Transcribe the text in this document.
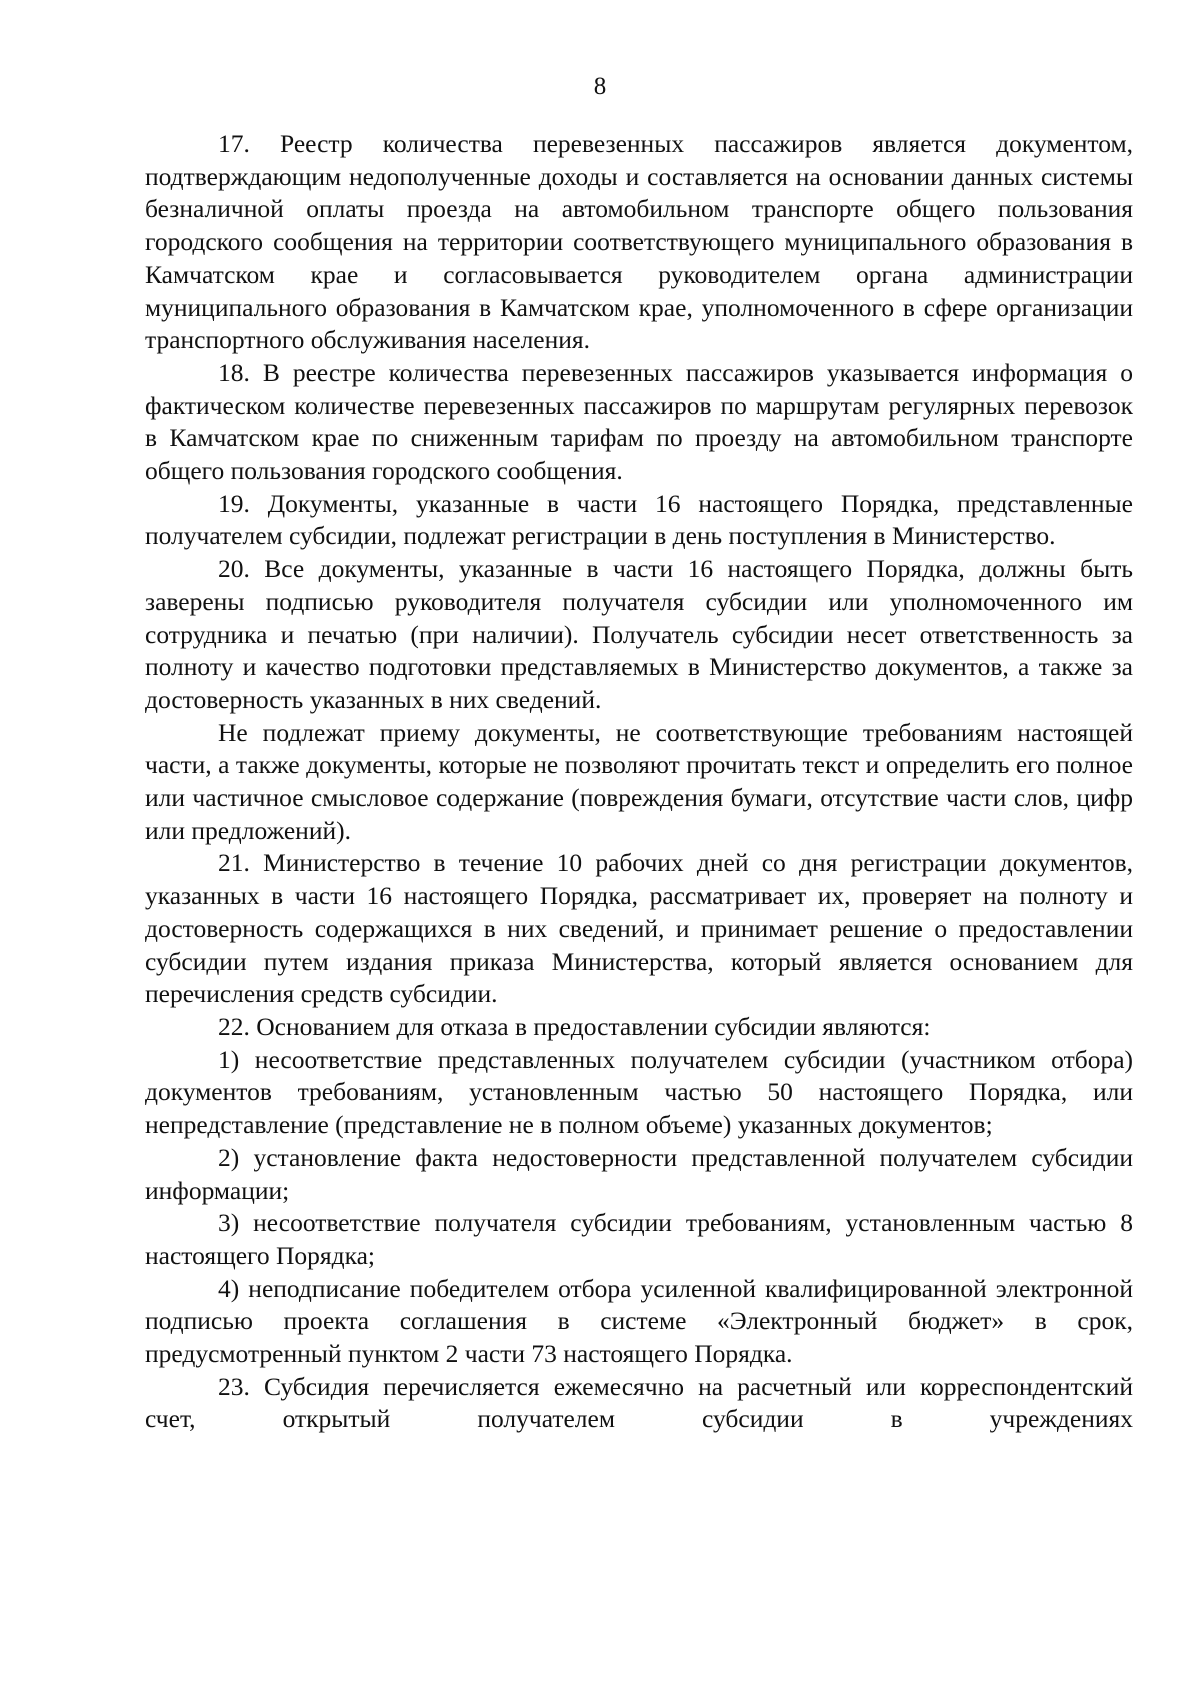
8

17. Реестр количества перевезенных пассажиров является документом, подтверждающим недополученные доходы и составляется на основании данных системы безналичной оплаты проезда на автомобильном транспорте общего пользования городского сообщения на территории соответствующего муниципального образования в Камчатском крае и согласовывается руководителем органа администрации муниципального образования в Камчатском крае, уполномоченного в сфере организации транспортного обслуживания населения.

18. В реестре количества перевезенных пассажиров указывается информация о фактическом количестве перевезенных пассажиров по маршрутам регулярных перевозок в Камчатском крае по сниженным тарифам по проезду на автомобильном транспорте общего пользования городского сообщения.

19. Документы, указанные в части 16 настоящего Порядка, представленные получателем субсидии, подлежат регистрации в день поступления в Министерство.

20. Все документы, указанные в части 16 настоящего Порядка, должны быть заверены подписью руководителя получателя субсидии или уполномоченного им сотрудника и печатью (при наличии). Получатель субсидии несет ответственность за полноту и качество подготовки представляемых в Министерство документов, а также за достоверность указанных в них сведений.

Не подлежат приему документы, не соответствующие требованиям настоящей части, а также документы, которые не позволяют прочитать текст и определить его полное или частичное смысловое содержание (повреждения бумаги, отсутствие части слов, цифр или предложений).

21. Министерство в течение 10 рабочих дней со дня регистрации документов, указанных в части 16 настоящего Порядка, рассматривает их, проверяет на полноту и достоверность содержащихся в них сведений, и принимает решение о предоставлении субсидии путем издания приказа Министерства, который является основанием для перечисления средств субсидии.

22. Основанием для отказа в предоставлении субсидии являются:

1) несоответствие представленных получателем субсидии (участником отбора) документов требованиям, установленным частью 50 настоящего Порядка, или непредставление (представление не в полном объеме) указанных документов;

2) установление факта недостоверности представленной получателем субсидии информации;

3) несоответствие получателя субсидии требованиям, установленным частью 8 настоящего Порядка;

4) неподписание победителем отбора усиленной квалифицированной электронной подписью проекта соглашения в системе «Электронный бюджет» в срок, предусмотренный пунктом 2 части 73 настоящего Порядка.

23. Субсидия перечисляется ежемесячно на расчетный или корреспондентский счет, открытый получателем субсидии в учреждениях
